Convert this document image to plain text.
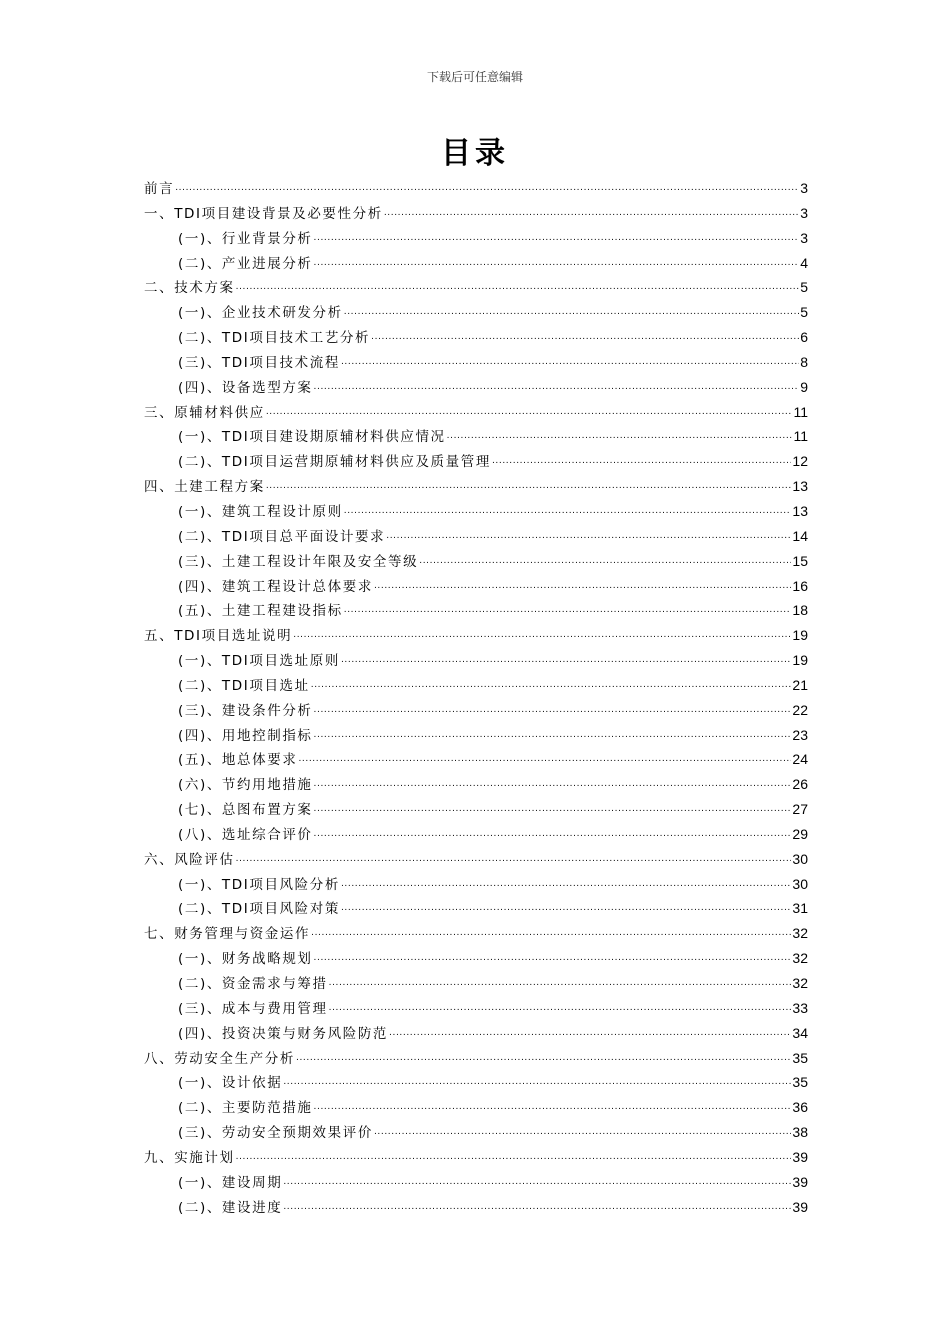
下载后可任意编辑
目录
前言 .....	3
一、TDI项目建设背景及必要性分析 .....	3
(一)、行业背景分析 .....	3
(二)、产业进展分析 .....	4
二、技术方案 .....	5
(一)、企业技术研发分析 .....	5
(二)、TDI项目技术工艺分析 .....	6
(三)、TDI项目技术流程 .....	8
(四)、设备选型方案 .....	9
三、原辅材料供应 .....	11
(一)、TDI项目建设期原辅材料供应情况 .....	11
(二)、TDI项目运营期原辅材料供应及质量管理 .....	12
四、土建工程方案 .....	13
(一)、建筑工程设计原则 .....	13
(二)、TDI项目总平面设计要求 .....	14
(三)、土建工程设计年限及安全等级 .....	15
(四)、建筑工程设计总体要求 .....	16
(五)、土建工程建设指标 .....	18
五、TDI项目选址说明 .....	19
(一)、TDI项目选址原则 .....	19
(二)、TDI项目选址 .....	21
(三)、建设条件分析 .....	22
(四)、用地控制指标 .....	23
(五)、地总体要求 .....	24
(六)、节约用地措施 .....	26
(七)、总图布置方案 .....	27
(八)、选址综合评价 .....	29
六、风险评估 .....	30
(一)、TDI项目风险分析 .....	30
(二)、TDI项目风险对策 .....	31
七、财务管理与资金运作 .....	32
(一)、财务战略规划 .....	32
(二)、资金需求与筹措 .....	32
(三)、成本与费用管理 .....	33
(四)、投资决策与财务风险防范 .....	34
八、劳动安全生产分析 .....	35
(一)、设计依据 .....	35
(二)、主要防范措施 .....	36
(三)、劳动安全预期效果评价 .....	38
九、实施计划 .....	39
(一)、建设周期 .....	39
(二)、建设进度 .....	39
